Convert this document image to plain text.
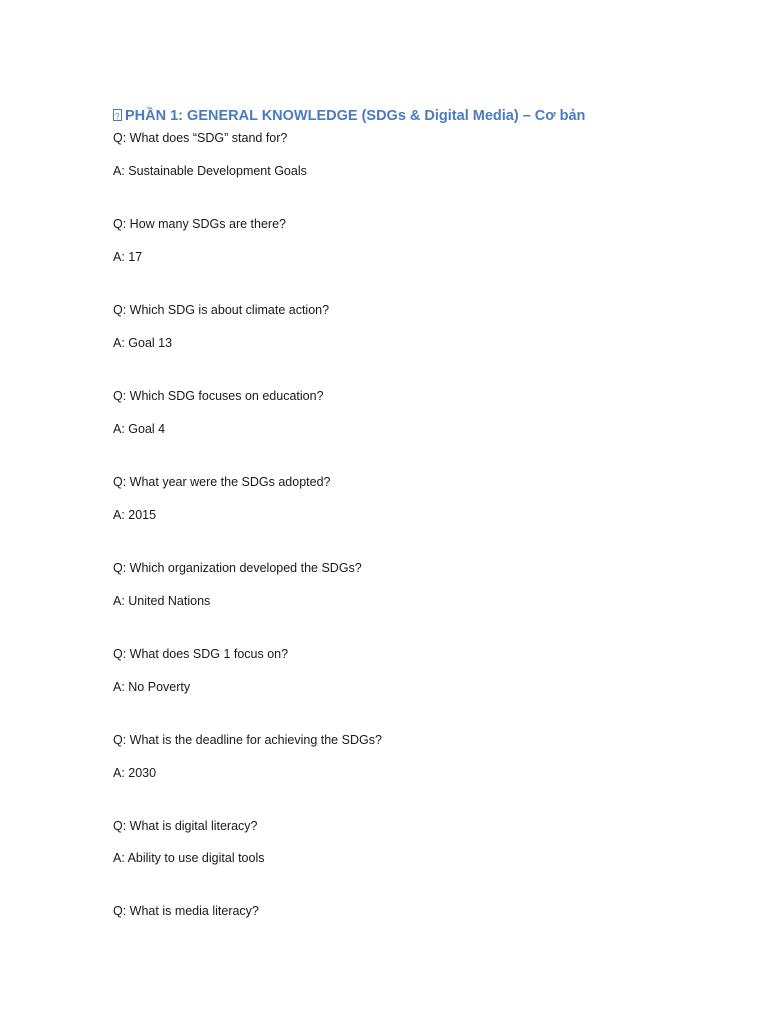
?PHẦN 1: GENERAL KNOWLEDGE (SDGs & Digital Media) – Cơ bản
Q: What does “SDG” stand for?
A: Sustainable Development Goals
Q: How many SDGs are there?
A: 17
Q: Which SDG is about climate action?
A: Goal 13
Q: Which SDG focuses on education?
A: Goal 4
Q: What year were the SDGs adopted?
A: 2015
Q: Which organization developed the SDGs?
A: United Nations
Q: What does SDG 1 focus on?
A: No Poverty
Q: What is the deadline for achieving the SDGs?
A: 2030
Q: What is digital literacy?
A: Ability to use digital tools
Q: What is media literacy?
